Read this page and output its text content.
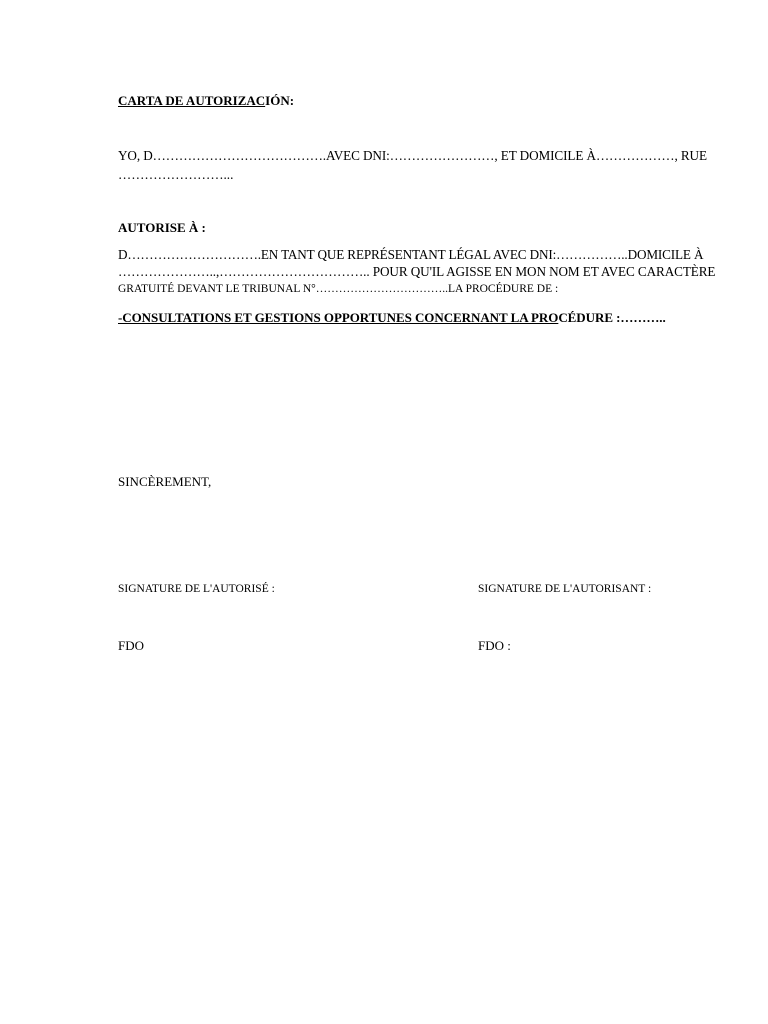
CARTA DE AUTORIZACIÓN:

YO, D………………………………….AVEC DNI:……………………, ET DOMICILE À………………, RUE

……………………...

AUTORISE À :

D………………………….EN TANT QUE REPRÉSENTANT LÉGAL AVEC DNI:……………..DOMICILE À

…………………..,…………………………….. POUR QU'IL AGISSE EN MON NOM ET AVEC CARACTÈRE

GRATUITÉ DEVANT LE TRIBUNAL N°……………………………..LA PROCÉDURE DE :

-CONSULTATIONS ET GESTIONS OPPORTUNES CONCERNANT LA PROCÉDURE :………..

SINCÈREMENT,

SIGNATURE DE L'AUTORISÉ :	SIGNATURE DE L'AUTORISANT :

FDO	FDO :
